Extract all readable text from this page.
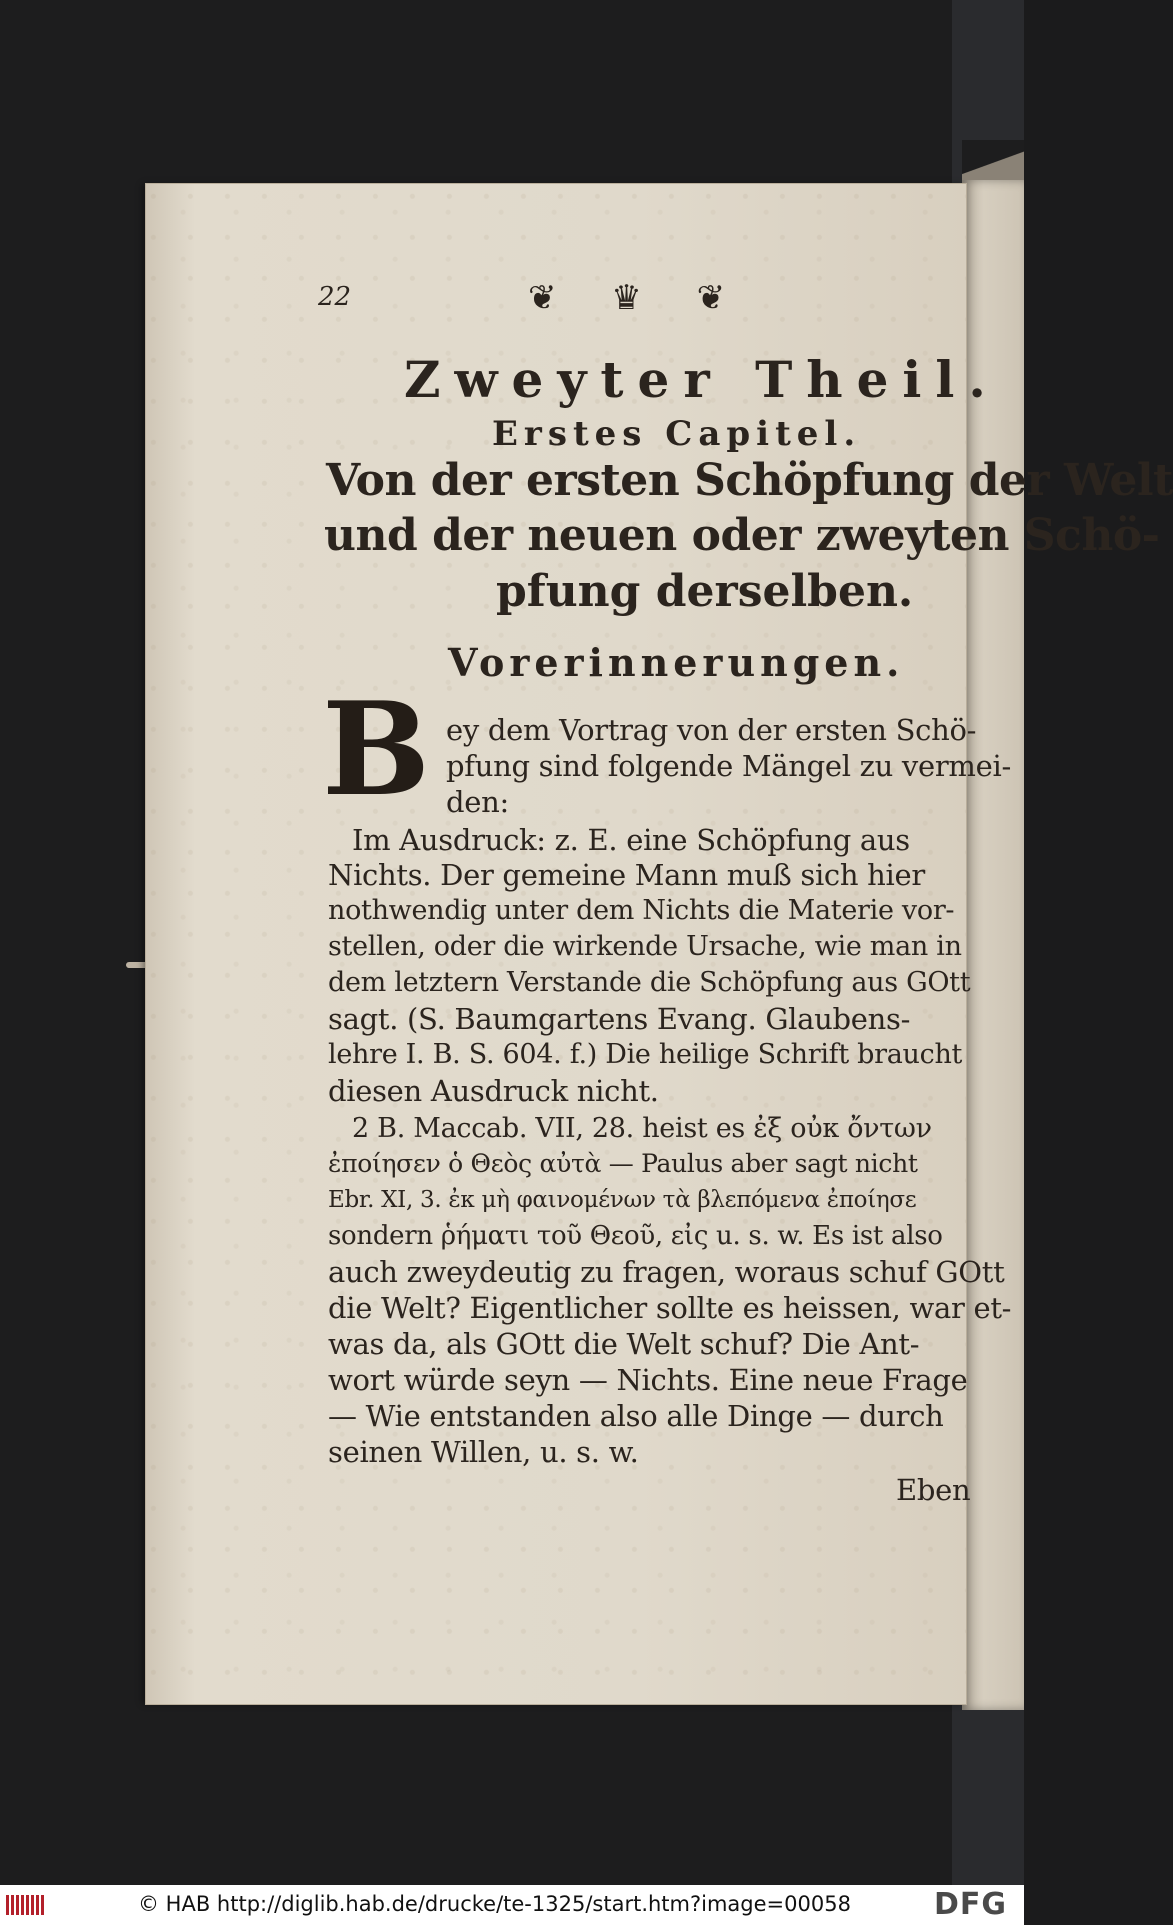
22	❦ ♛ ❦
Zweyter Theil.
Erstes Capitel.
Von der ersten Schöpfung der Welt
und der neuen oder zweyten Schö-
pfung derselben.
Vorerinnerungen.
B ey dem Vortrag von der ersten Schö-
pfung sind folgende Mängel zu vermei-
den:
Im Ausdruck: z. E. eine Schöpfung aus
Nichts. Der gemeine Mann muß sich hier
nothwendig unter dem Nichts die Materie vor-
stellen, oder die wirkende Ursache, wie man in
dem letztern Verstande die Schöpfung aus GOtt
sagt. (S. Baumgartens Evang. Glaubens-
lehre I. B. S. 604. f.) Die heilige Schrift braucht
diesen Ausdruck nicht.
2 B. Maccab. VII, 28. heist es ἐξ οὐκ ὄντων
ἐποίησεν ὁ Θεὸς αὐτὰ — Paulus aber sagt nicht
Ebr. XI, 3. ἐκ μὴ φαινομένων τὰ βλεπόμενα ἐποίησε
sondern ῥήματι τοῦ Θεοῦ, εἰς u. s. w. Es ist also
auch zweydeutig zu fragen, woraus schuf GOtt
die Welt? Eigentlicher sollte es heissen, war et-
was da, als GOtt die Welt schuf? Die Ant-
wort würde seyn — Nichts. Eine neue Frage
— Wie entstanden also alle Dinge — durch
seinen Willen, u. s. w.
Eben
© HAB http://diglib.hab.de/drucke/te-1325/start.htm?image=00058	DFG
